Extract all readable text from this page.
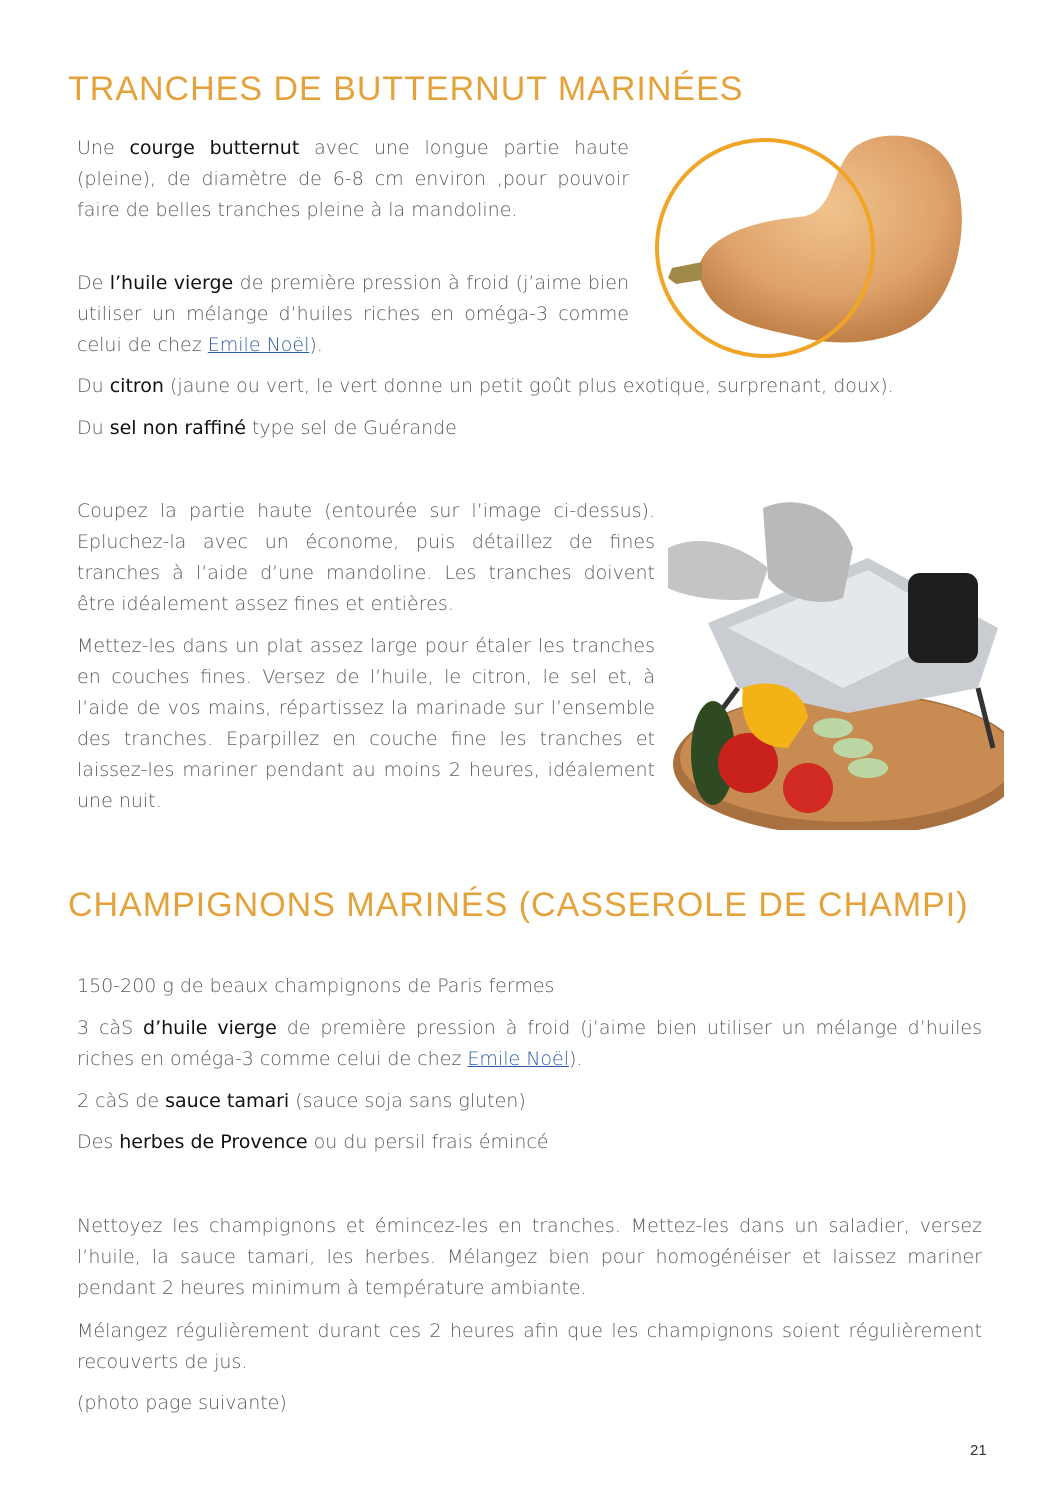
TRANCHES DE BUTTERNUT MARINÉES

Une courge butternut avec une longue partie haute (pleine), de diamètre de 6-8 cm environ ,pour pouvoir faire de belles tranches pleine à la mandoline.

De l’huile vierge de première pression à froid (j’aime bien utiliser un mélange d’huiles riches en oméga-3 comme celui de chez Emile Noël).

Du citron (jaune ou vert, le vert donne un petit goût plus exotique, surprenant, doux).

Du sel non raffiné type sel de Guérande

Coupez la partie haute (entourée sur l’image ci-dessus). Epluchez-la avec un économe, puis détaillez de fines tranches à l’aide d’une mandoline. Les tranches doivent être idéalement assez fines et entières.

Mettez-les dans un plat assez large pour étaler les tranches en couches fines. Versez de l’huile, le citron, le sel et, à l’aide de vos mains, répartissez la marinade sur l’ensemble des tranches. Eparpillez en couche fine les tranches et laissez-les mariner pendant au moins 2 heures, idéalement une nuit.

CHAMPIGNONS MARINÉS (CASSEROLE DE CHAMPI)

150-200 g de beaux champignons de Paris fermes

3 càS d’huile vierge de première pression à froid (j’aime bien utiliser un mélange d’huiles riches en oméga-3 comme celui de chez Emile Noël).

2 càS de sauce tamari (sauce soja sans gluten)

Des herbes de Provence ou du persil frais émincé

Nettoyez les champignons et émincez-les en tranches. Mettez-les dans un saladier, versez l’huile, la sauce tamari, les herbes. Mélangez bien pour homogénéiser et laissez mariner pendant 2 heures minimum à température ambiante.

Mélangez régulièrement durant ces 2 heures afin que les champignons soient régulièrement recouverts de jus.

(photo page suivante)

21
